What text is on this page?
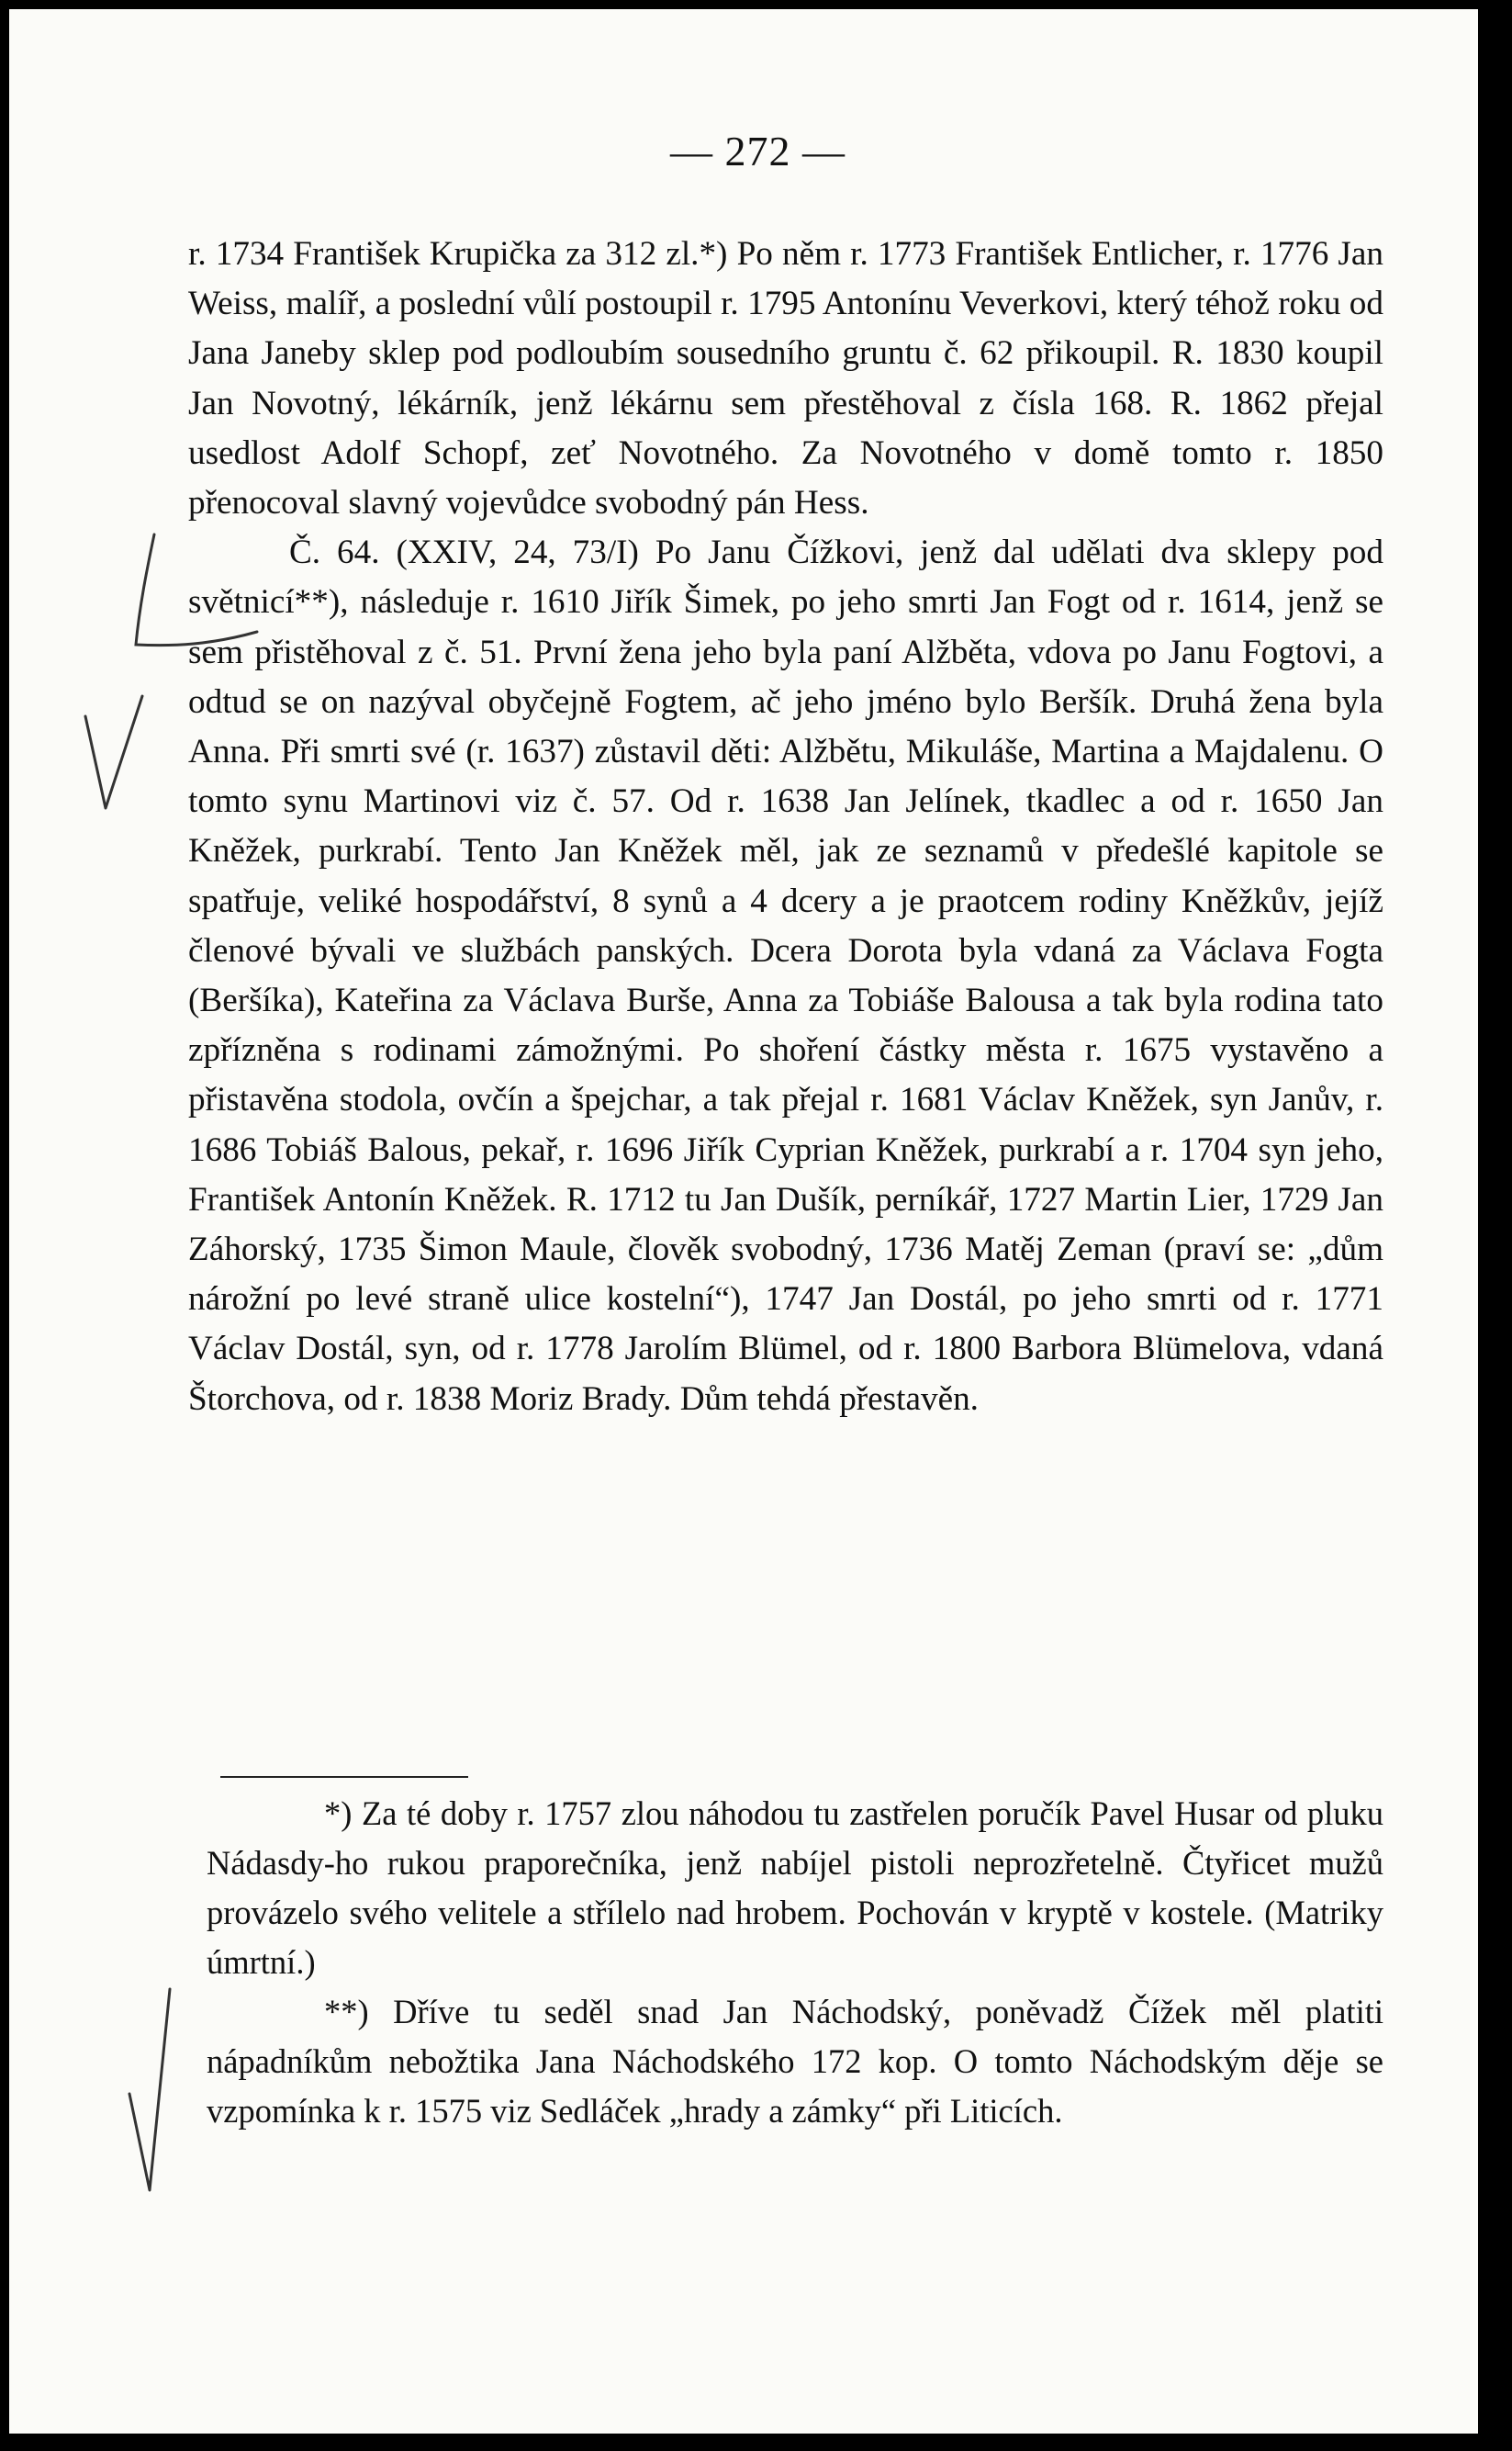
— 272 —

r. 1734 František Krupička za 312 zl.*) Po něm r. 1773 František Entlicher, r. 1776 Jan Weiss, malíř, a poslední vůlí postoupil r. 1795 Antonínu Veverkovi, který téhož roku od Jana Janeby sklep pod podloubím sousedního gruntu č. 62 přikoupil. R. 1830 koupil Jan Novotný, lékárník, jenž lékárnu sem přestěhoval z čísla 168. R. 1862 přejal usedlost Adolf Schopf, zeť Novotného. Za Novotného v domě tomto r. 1850 přenocoval slavný vojevůdce svobodný pán Hess.

Č. 64. (XXIV, 24, 73/I) Po Janu Čížkovi, jenž dal udělati dva sklepy pod světnicí**), následuje r. 1610 Jiřík Šimek, po jeho smrti Jan Fogt od r. 1614, jenž se sem přistěhoval z č. 51. První žena jeho byla paní Alžběta, vdova po Janu Fogtovi, a odtud se on nazýval obyčejně Fogtem, ač jeho jméno bylo Beršík. Druhá žena byla Anna. Při smrti své (r. 1637) zůstavil děti: Alžbětu, Mikuláše, Martina a Majdalenu. O tomto synu Martinovi viz č. 57. Od r. 1638 Jan Jelínek, tkadlec a od r. 1650 Jan Kněžek, purkrabí. Tento Jan Kněžek měl, jak ze seznamů v předešlé kapitole se spatřuje, veliké hospodářství, 8 synů a 4 dcery a je praotcem rodiny Kněžkův, jejíž členové bývali ve službách panských. Dcera Dorota byla vdaná za Václava Fogta (Beršíka), Kateřina za Václava Burše, Anna za Tobiáše Balousa a tak byla rodina tato zpřízněna s rodinami zámožnými. Po shoření částky města r. 1675 vystavěno a přistavěna stodola, ovčín a špejchar, a tak přejal r. 1681 Václav Kněžek, syn Janův, r. 1686 Tobiáš Balous, pekař, r. 1696 Jiřík Cyprian Kněžek, purkrabí a r. 1704 syn jeho, František Antonín Kněžek. R. 1712 tu Jan Dušík, perníkář, 1727 Martin Lier, 1729 Jan Záhorský, 1735 Šimon Maule, člověk svobodný, 1736 Matěj Zeman (praví se: „dům nárožní po levé straně ulice kostelní“), 1747 Jan Dostál, po jeho smrti od r. 1771 Václav Dostál, syn, od r. 1778 Jarolím Blümel, od r. 1800 Barbora Blümelova, vdaná Štorchova, od r. 1838 Moriz Brady. Dům tehdá přestavěn.

*) Za té doby r. 1757 zlou náhodou tu zastřelen poručík Pavel Husar od pluku Nádasdy-ho rukou praporečníka, jenž nabíjel pistoli neprozřetelně. Čtyřicet mužů provázelo svého velitele a střílelo nad hrobem. Pochován v kryptě v kostele. (Matriky úmrtní.)

**) Dříve tu seděl snad Jan Náchodský, poněvadž Čížek měl platiti nápadníkům nebožtika Jana Náchodského 172 kop. O tomto Náchodským děje se vzpomínka k r. 1575 viz Sedláček „hrady a zámky“ při Liticích.
